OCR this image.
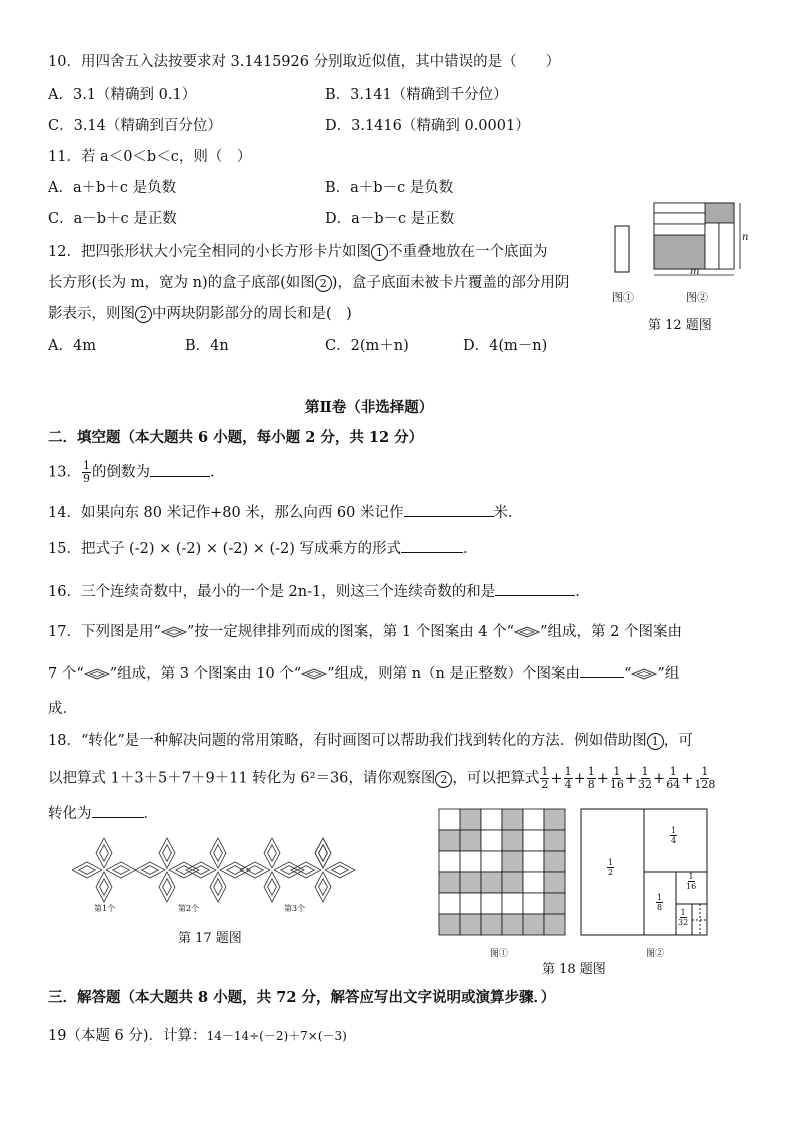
10．用四舍五入法按要求对 3.1415926 分别取近似值，其中错误的是（　　）
A．3.1（精确到 0.1）	B．3.141（精确到千分位）
C．3.14（精确到百分位）	D．3.1416（精确到 0.0001）
11．若 a＜0＜b＜c，则（　）
A．a＋b＋c 是负数	B．a＋b－c 是负数
C．a－b＋c 是正数	D．a－b－c 是正数
12．把四张形状大小完全相同的小长方形卡片如图 1 不重叠地放在一个底面为
长方形(长为 m，宽为 n)的盒子底部(如图 2 )，盒子底面未被卡片覆盖的部分用阴
影表示，则图 2 中两块阴影部分的周长和是(　)
A．4m	B．4n	C．2(m＋n)	D．4(m－n)
n
m
图①	图②
第 12 题图
第Ⅱ卷（非选择题）
二．填空题（本大题共 6 小题，每小题 2 分，共 12 分）
13． $\frac{1}{9}$ 的倒数为	．
14．如果向东 80 米记作+80 米，那么向西 60 米记作	米．
15．把式子 (-2) × (-2) × (-2) × (-2) 写成乘方的形式	．
16．三个连续奇数中，最小的一个是 2n-1，则这三个连续奇数的和是	．
17．下列图是用“ ”按一定规律排列而成的图案，第 1 个图案由 4 个“ ”组成，第 2 个图案由
7 个“ ”组成，第 3 个图案由 10 个“ ”组成，则第 n（n 是正整数）个图案由	“ ”组
成．
18．“转化”是一种解决问题的常用策略，有时画图可以帮助我们找到转化的方法．例如借助图 1 ，可
以把算式 1＋3＋5＋7＋9＋11 转化为 6²＝36，请你观察图 2 ，可以把算式 $\frac{1}{2} + \frac{1}{4} + \frac{1}{8} + \frac{1}{16} + \frac{1}{32} + \frac{1}{64} + \frac{1}{128}$
转化为	．
第1个	第2个	第3个
第 17 题图
$\frac{1}{2}$
$\frac{1}{4}$
$\frac{1}{8}$
$\frac{1}{16}$
$\frac{1}{32}$
图①	图②
第 18 题图
三．解答题（本大题共 8 小题，共 72 分，解答应写出文字说明或演算步骤．）
19（本题 6 分)．计算：14－14÷(－2)＋7×(－3)
